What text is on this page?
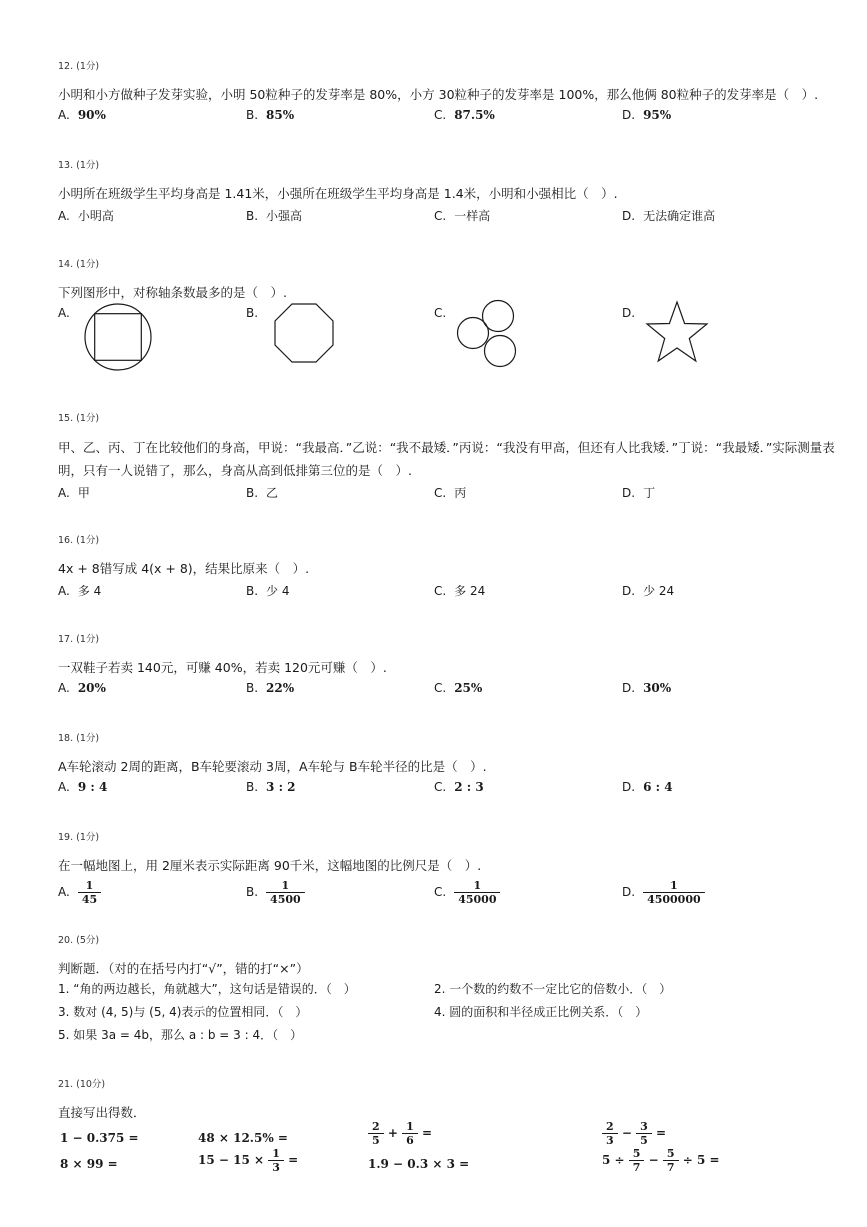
12. (1分)
小明和小方做种子发芽实验，小明 50粒种子的发芽率是 80%，小方 30粒种子的发芽率是 100%，那么他俩 80粒种子的发芽率是（　）.
A. 90%	B. 85%	C. 87.5%	D. 95%
13. (1分)
小明所在班级学生平均身高是 1.41米，小强所在班级学生平均身高是 1.4米，小明和小强相比（　）.
A. 小明高	B. 小强高	C. 一样高	D. 无法确定谁高
14. (1分)
下列图形中，对称轴条数最多的是（　）.
A.	B.	C.	D.
15. (1分)
甲、乙、丙、丁在比较他们的身高，甲说：“我最高．”乙说：“我不最矮．”丙说：“我没有甲高，但还有人比我矮．”丁说：“我最矮．”实际测量表明，只有一人说错了，那么，身高从高到低排第三位的是（　）.
A. 甲	B. 乙	C. 丙	D. 丁
16. (1分)
4x + 8错写成 4(x + 8)，结果比原来（　）.
A. 多 4	B. 少 4	C. 多 24	D. 少 24
17. (1分)
一双鞋子若卖 140元，可赚 40%，若卖 120元可赚（　）.
A. 20%	B. 22%	C. 25%	D. 30%
18. (1分)
A车轮滚动 2周的距离，B车轮要滚动 3周，A车轮与 B车轮半径的比是（　）.
A. 9 : 4	B. 3 : 2	C. 2 : 3	D. 6 : 4
19. (1分)
在一幅地图上，用 2厘米表示实际距离 90千米，这幅地图的比例尺是（　）.
A. $\frac{1}{45}$	B. $\frac{1}{4500}$	C. $\frac{1}{45000}$	D. $\frac{1}{4500000}$
20. (5分)
判断题．（对的在括号内打“√”，错的打“×”）
1. “角的两边越长，角就越大”，这句话是错误的．（　）	2. 一个数的约数不一定比它的倍数小．（　）
3. 数对 (4, 5)与 (5, 4)表示的位置相同．（　）	4. 圆的面积和半径成正比例关系．（　）
5. 如果 3a = 4b，那么 a : b = 3 : 4．（　）
21. (10分)
直接写出得数．
1 − 0.375 =	48 × 12.5% =	$\frac{2}{5} + \frac{1}{6}$ =	$\frac{2}{3} - \frac{3}{5}$ =
8 × 99 =	$15 - 15 \times \frac{1}{3}$ =	1.9 − 0.3 × 3 =	$5 \div \frac{5}{7} - \frac{5}{7} \div 5$ =
